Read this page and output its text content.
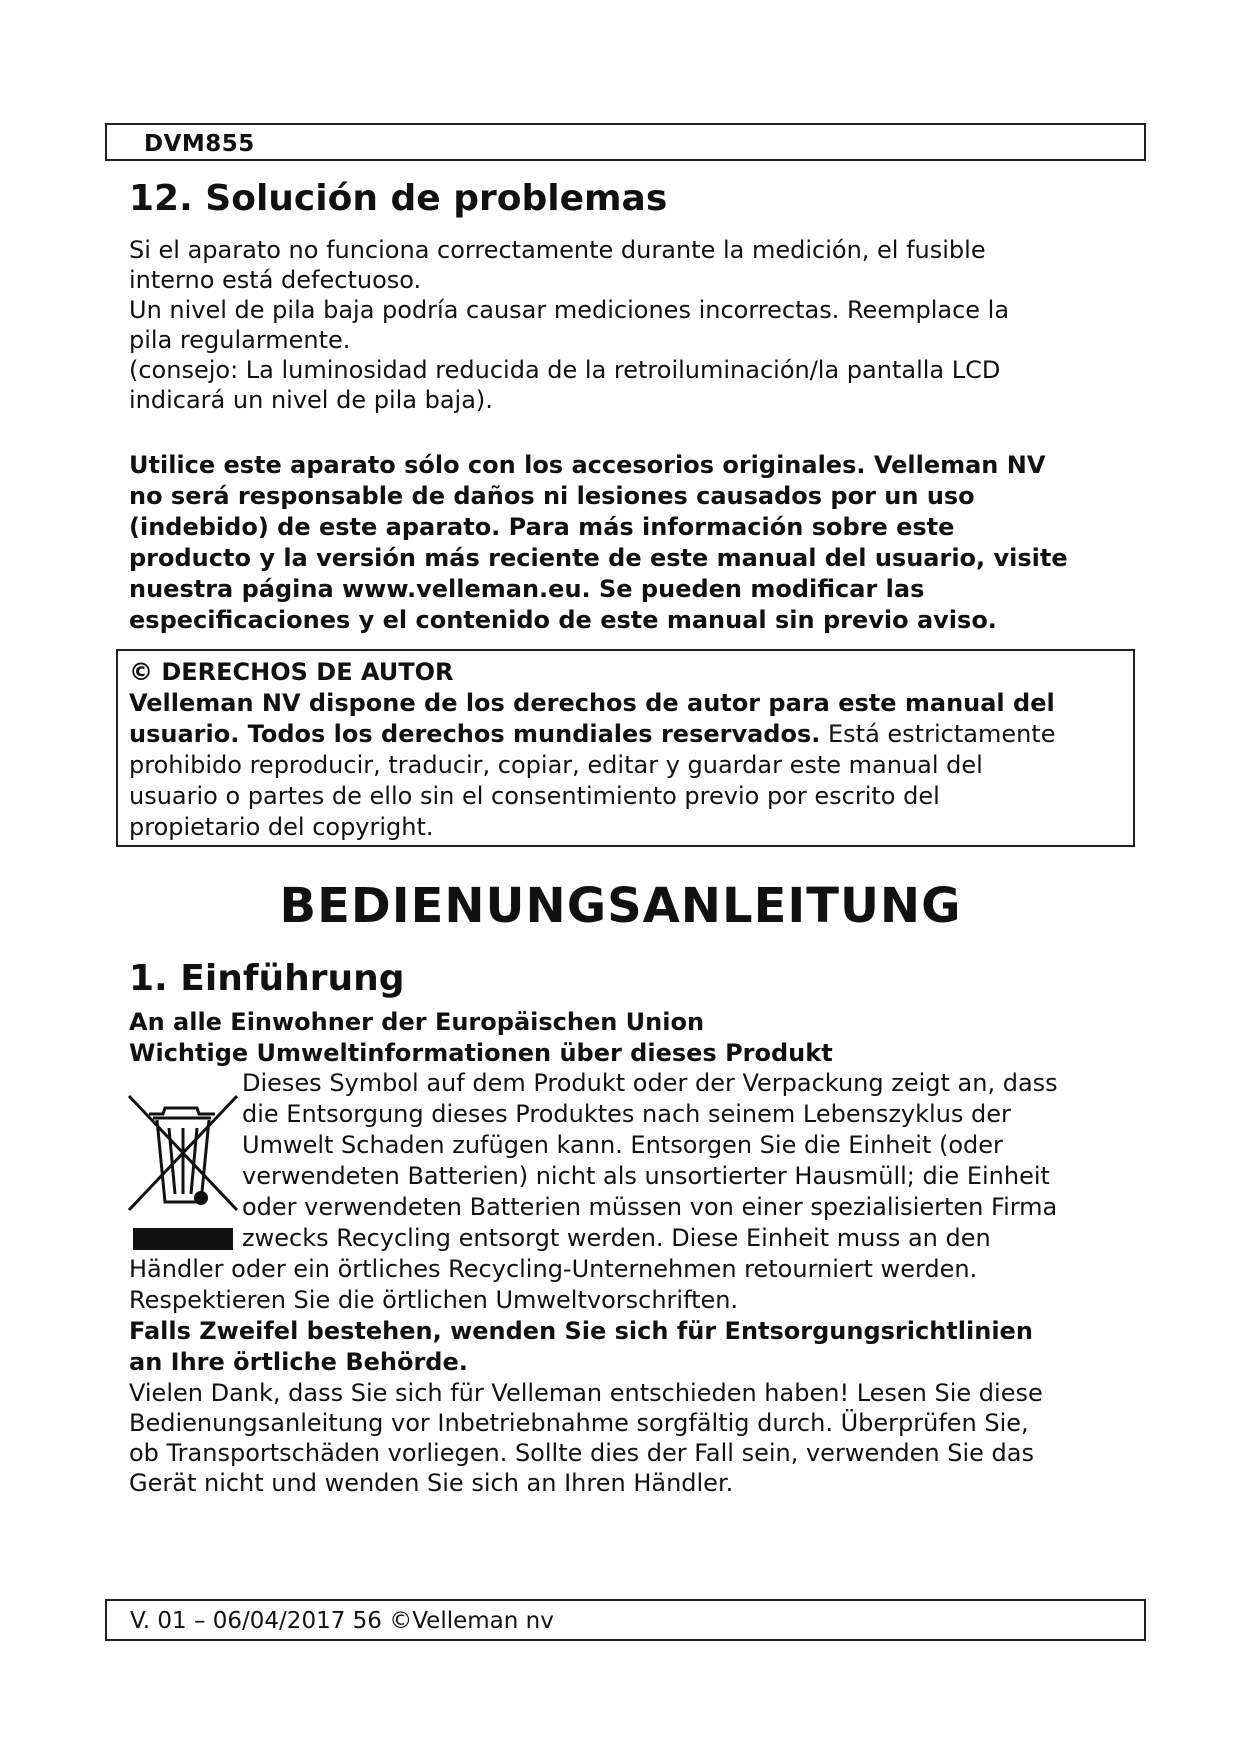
DVM855
12. Solución de problemas
Si el aparato no funciona correctamente durante la medición, el fusible
interno está defectuoso.
Un nivel de pila baja podría causar mediciones incorrectas. Reemplace la
pila regularmente.
(consejo: La luminosidad reducida de la retroiluminación/la pantalla LCD
indicará un nivel de pila baja).
Utilice este aparato sólo con los accesorios originales. Velleman NV
no será responsable de daños ni lesiones causados por un uso
(indebido) de este aparato. Para más información sobre este
producto y la versión más reciente de este manual del usuario, visite
nuestra página www.velleman.eu. Se pueden modificar las
especificaciones y el contenido de este manual sin previo aviso.
© DERECHOS DE AUTOR
Velleman NV dispone de los derechos de autor para este manual del
usuario. Todos los derechos mundiales reservados. Está estrictamente
prohibido reproducir, traducir, copiar, editar y guardar este manual del
usuario o partes de ello sin el consentimiento previo por escrito del
propietario del copyright.
BEDIENUNGSANLEITUNG
1. Einführung
An alle Einwohner der Europäischen Union
Wichtige Umweltinformationen über dieses Produkt
Dieses Symbol auf dem Produkt oder der Verpackung zeigt an, dass
die Entsorgung dieses Produktes nach seinem Lebenszyklus der
Umwelt Schaden zufügen kann. Entsorgen Sie die Einheit (oder
verwendeten Batterien) nicht als unsortierter Hausmüll; die Einheit
oder verwendeten Batterien müssen von einer spezialisierten Firma
zwecks Recycling entsorgt werden. Diese Einheit muss an den
Händler oder ein örtliches Recycling-Unternehmen retourniert werden.
Respektieren Sie die örtlichen Umweltvorschriften.
Falls Zweifel bestehen, wenden Sie sich für Entsorgungsrichtlinien
an Ihre örtliche Behörde.
Vielen Dank, dass Sie sich für Velleman entschieden haben! Lesen Sie diese
Bedienungsanleitung vor Inbetriebnahme sorgfältig durch. Überprüfen Sie,
ob Transportschäden vorliegen. Sollte dies der Fall sein, verwenden Sie das
Gerät nicht und wenden Sie sich an Ihren Händler.
V. 01 – 06/04/2017 56 ©Velleman nv
